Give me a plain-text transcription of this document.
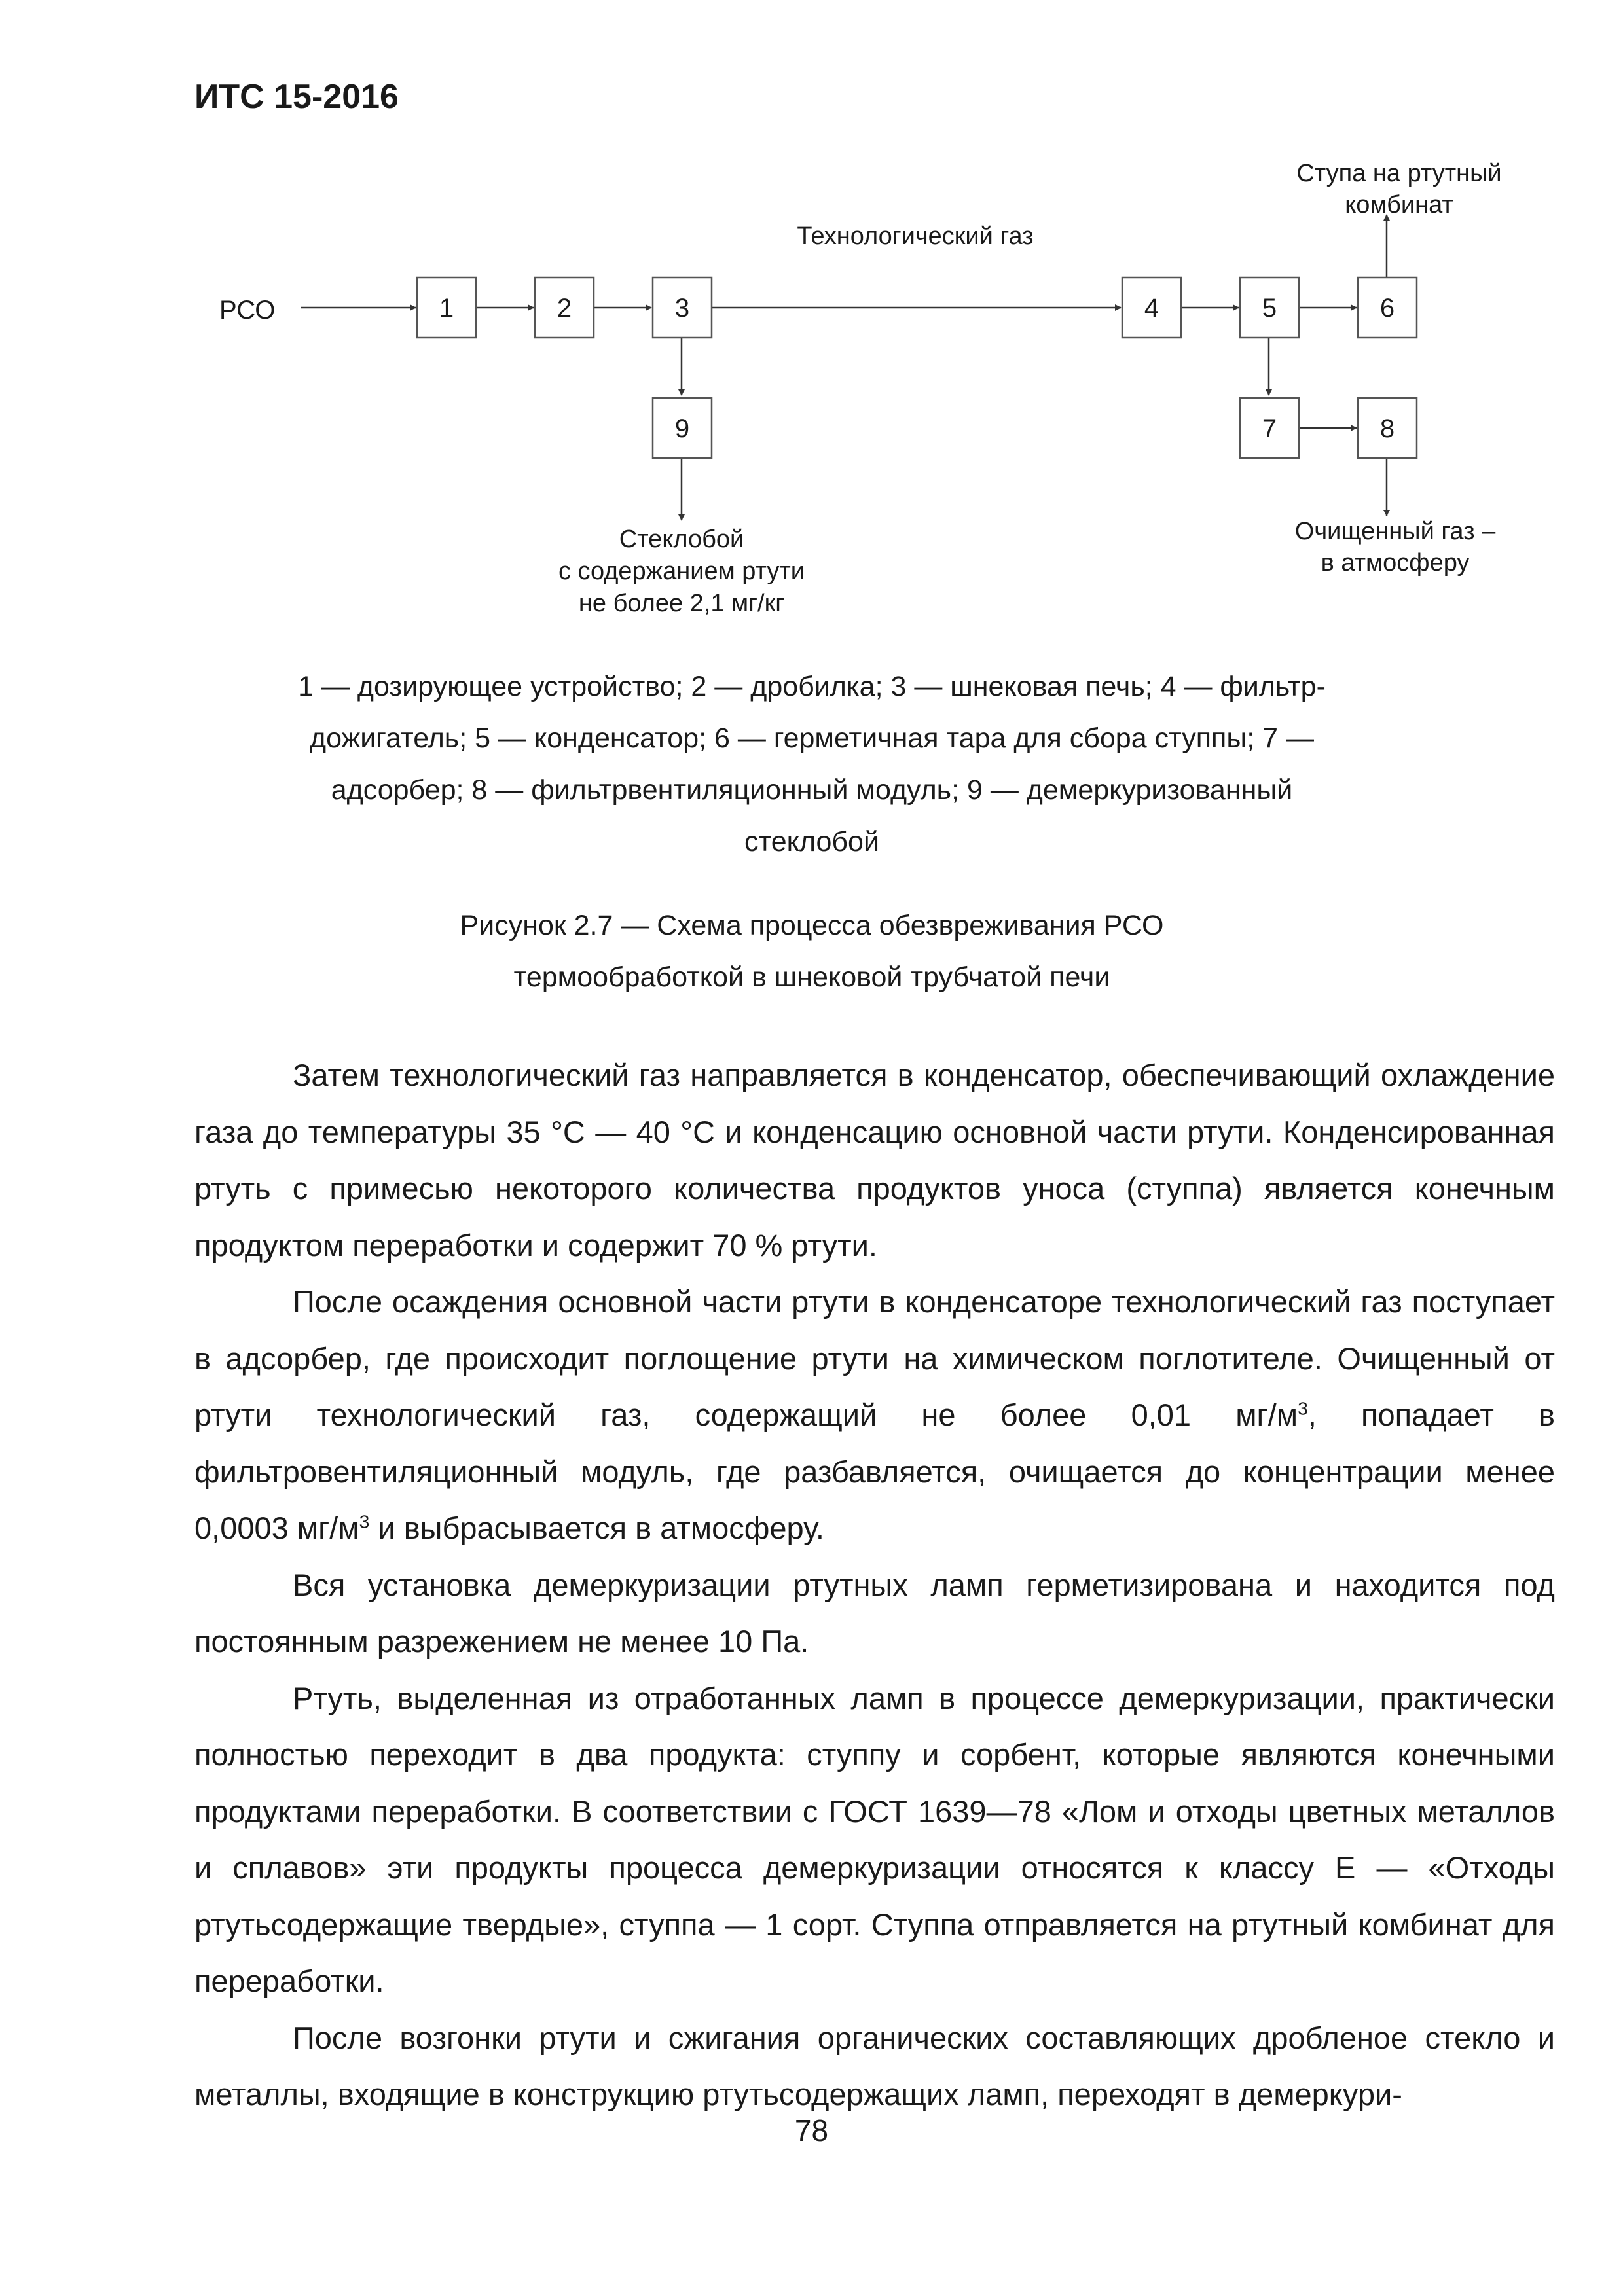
ИТС 15-2016
1	2	3	4	5	6
7	8
9
РСО
Технологический газ
Ступа на ртутный
комбинат
Стеклобой
с содержанием ртути
не более 2,1 мг/кг
Очищенный газ –
в атмосферу
1 — дозирующее устройство; 2 — дробилка; 3 — шнековая печь; 4 — фильтр-
дожигатель; 5 — конденсатор; 6 — герметичная тара для сбора ступпы; 7 —
адсорбер; 8 — фильтрвентиляционный модуль; 9 — демеркуризованный
стеклобой
Рисунок 2.7 — Схема процесса обезвреживания РСО
термообработкой в шнековой трубчатой печи

Затем технологический газ направляется в конденсатор, обеспечивающий охлаждение газа до температуры 35 °C — 40 °C и конденсацию основной части ртути. Конденсированная ртуть с примесью некоторого количества продуктов уноса (ступпа) является конечным продуктом переработки и содержит 70 % ртути.

После осаждения основной части ртути в конденсаторе технологический газ поступает в адсорбер, где происходит поглощение ртути на химическом поглотителе. Очищенный от ртути технологический газ, содержащий не более 0,01 $мг/м^3$, попадает в фильтровентиляционный модуль, где разбавляется, очищается до концентрации менее 0,0003 $мг/м^3$ и выбрасывается в атмосферу.

Вся установка демеркуризации ртутных ламп герметизирована и находится под постоянным разрежением не менее 10 Па.

Ртуть, выделенная из отработанных ламп в процессе демеркуризации, практически полностью переходит в два продукта: ступпу и сорбент, которые являются конечными продуктами переработки. В соответствии с ГОСТ 1639—78 «Лом и отходы цветных металлов и сплавов» эти продукты процесса демеркуризации относятся к классу Е — «Отходы ртутьсодержащие твердые», ступпа — 1 сорт. Ступпа отправляется на ртутный комбинат для переработки.

После возгонки ртути и сжигания органических составляющих дробленое стекло и металлы, входящие в конструкцию ртутьсодержащих ламп, переходят в демеркури-

78
